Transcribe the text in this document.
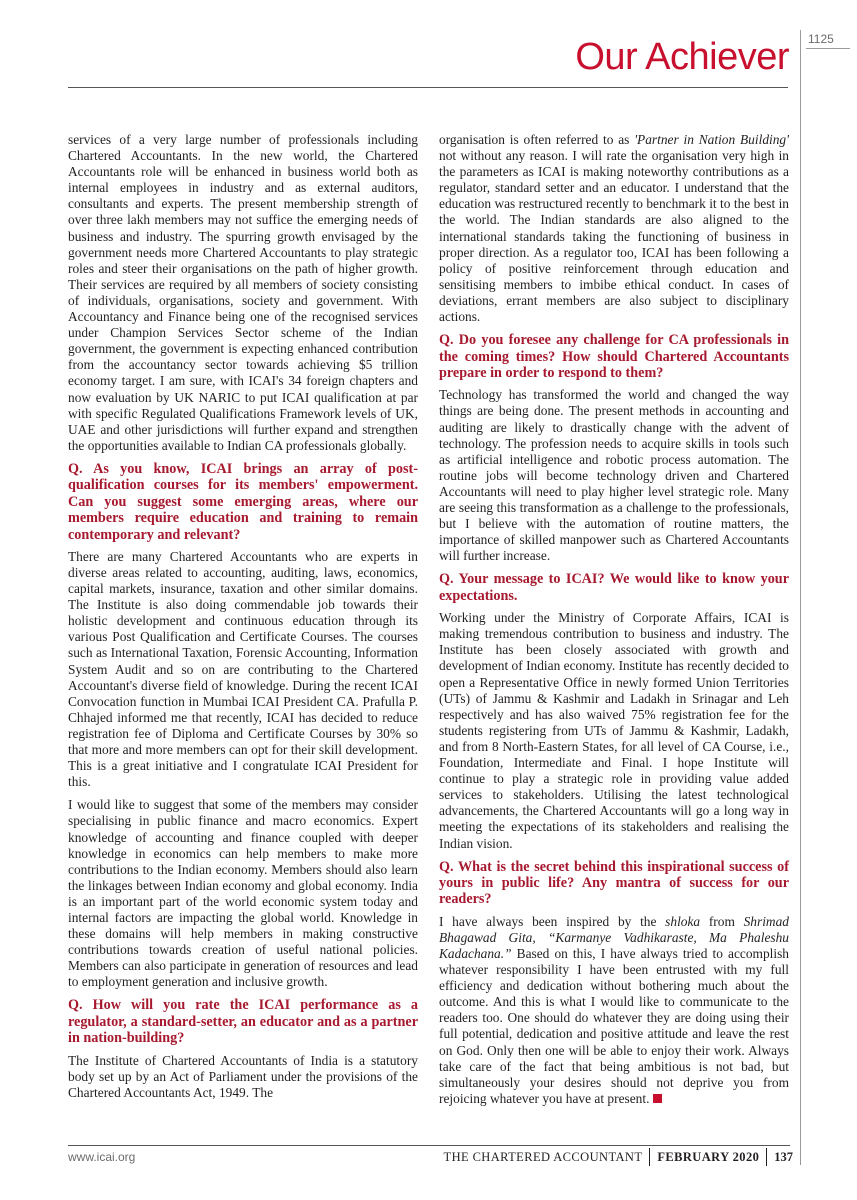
1125
Our Achiever

services of a very large number of professionals including Chartered Accountants. In the new world, the Chartered Accountants role will be enhanced in business world both as internal employees in industry and as external auditors, consultants and experts. The present membership strength of over three lakh members may not suffice the emerging needs of business and industry. The spurring growth envisaged by the government needs more Chartered Accountants to play strategic roles and steer their organisations on the path of higher growth. Their services are required by all members of society consisting of individuals, organisations, society and government. With Accountancy and Finance being one of the recognised services under Champion Services Sector scheme of the Indian government, the government is expecting enhanced contribution from the accountancy sector towards achieving $5 trillion economy target. I am sure, with ICAI's 34 foreign chapters and now evaluation by UK NARIC to put ICAI qualification at par with specific Regulated Qualifications Framework levels of UK, UAE and other jurisdictions will further expand and strengthen the opportunities available to Indian CA professionals globally.

Q. As you know, ICAI brings an array of post-qualification courses for its members' empowerment. Can you suggest some emerging areas, where our members require education and training to remain contemporary and relevant?

There are many Chartered Accountants who are experts in diverse areas related to accounting, auditing, laws, economics, capital markets, insurance, taxation and other similar domains. The Institute is also doing commendable job towards their holistic development and continuous education through its various Post Qualification and Certificate Courses. The courses such as International Taxation, Forensic Accounting, Information System Audit and so on are contributing to the Chartered Accountant's diverse field of knowledge. During the recent ICAI Convocation function in Mumbai ICAI President CA. Prafulla P. Chhajed informed me that recently, ICAI has decided to reduce registration fee of Diploma and Certificate Courses by 30% so that more and more members can opt for their skill development. This is a great initiative and I congratulate ICAI President for this.

I would like to suggest that some of the members may consider specialising in public finance and macro economics. Expert knowledge of accounting and finance coupled with deeper knowledge in economics can help members to make more contributions to the Indian economy. Members should also learn the linkages between Indian economy and global economy. India is an important part of the world economic system today and internal factors are impacting the global world. Knowledge in these domains will help members in making constructive contributions towards creation of useful national policies. Members can also participate in generation of resources and lead to employment generation and inclusive growth.

Q. How will you rate the ICAI performance as a regulator, a standard-setter, an educator and as a partner in nation-building?

The Institute of Chartered Accountants of India is a statutory body set up by an Act of Parliament under the provisions of the Chartered Accountants Act, 1949. The

organisation is often referred to as 'Partner in Nation Building' not without any reason. I will rate the organisation very high in the parameters as ICAI is making noteworthy contributions as a regulator, standard setter and an educator. I understand that the education was restructured recently to benchmark it to the best in the world. The Indian standards are also aligned to the international standards taking the functioning of business in proper direction. As a regulator too, ICAI has been following a policy of positive reinforcement through education and sensitising members to imbibe ethical conduct. In cases of deviations, errant members are also subject to disciplinary actions.

Q. Do you foresee any challenge for CA professionals in the coming times? How should Chartered Accountants prepare in order to respond to them?

Technology has transformed the world and changed the way things are being done. The present methods in accounting and auditing are likely to drastically change with the advent of technology. The profession needs to acquire skills in tools such as artificial intelligence and robotic process automation. The routine jobs will become technology driven and Chartered Accountants will need to play higher level strategic role. Many are seeing this transformation as a challenge to the professionals, but I believe with the automation of routine matters, the importance of skilled manpower such as Chartered Accountants will further increase.

Q. Your message to ICAI? We would like to know your expectations.

Working under the Ministry of Corporate Affairs, ICAI is making tremendous contribution to business and industry. The Institute has been closely associated with growth and development of Indian economy. Institute has recently decided to open a Representative Office in newly formed Union Territories (UTs) of Jammu & Kashmir and Ladakh in Srinagar and Leh respectively and has also waived 75% registration fee for the students registering from UTs of Jammu & Kashmir, Ladakh, and from 8 North-Eastern States, for all level of CA Course, i.e., Foundation, Intermediate and Final. I hope Institute will continue to play a strategic role in providing value added services to stakeholders. Utilising the latest technological advancements, the Chartered Accountants will go a long way in meeting the expectations of its stakeholders and realising the Indian vision.

Q. What is the secret behind this inspirational success of yours in public life? Any mantra of success for our readers?

I have always been inspired by the shloka from Shrimad Bhagawad Gita, “Karmanye Vadhikaraste, Ma Phaleshu Kadachana.” Based on this, I have always tried to accomplish whatever responsibility I have been entrusted with my full efficiency and dedication without bothering much about the outcome. And this is what I would like to communicate to the readers too. One should do whatever they are doing using their full potential, dedication and positive attitude and leave the rest on God. Only then one will be able to enjoy their work. Always take care of the fact that being ambitious is not bad, but simultaneously your desires should not deprive you from rejoicing whatever you have at present.

www.icai.org	THE CHARTERED ACCOUNTANT FEBRUARY 2020 137
